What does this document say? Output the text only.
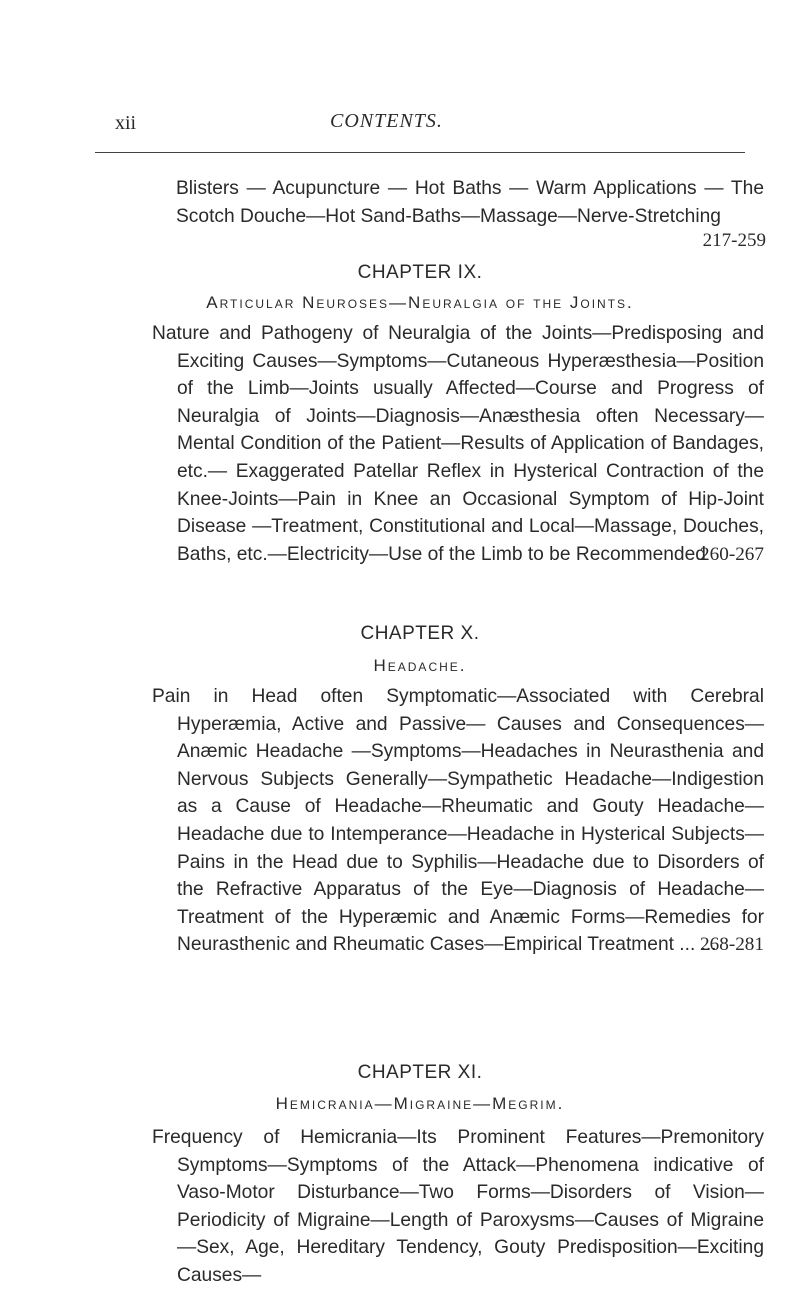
xii	CONTENTS.
Blisters — Acupuncture — Hot Baths — Warm Applications — The Scotch Douche—Hot Sand-Baths—Massage—Nerve-Stretching
217-259
CHAPTER IX.
Articular Neuroses—Neuralgia of the Joints.
Nature and Pathogeny of Neuralgia of the Joints—Predisposing and Exciting Causes—Symptoms—Cutaneous Hyperæsthesia—Position of the Limb—Joints usually Affected—Course and Progress of Neuralgia of Joints—Diagnosis—Anæsthesia often Necessary—Mental Condition of the Patient—Results of Application of Bandages, etc.— Exaggerated Patellar Reflex in Hysterical Contraction of the Knee-Joints—Pain in Knee an Occasional Symptom of Hip-Joint Disease —Treatment, Constitutional and Local—Massage, Douches, Baths, etc.—Electricity—Use of the Limb to be Recommended
260-267
CHAPTER X.
Headache.
Pain in Head often Symptomatic—Associated with Cerebral Hyperæmia, Active and Passive— Causes and Consequences—Anæmic Headache —Symptoms—Headaches in Neurasthenia and Nervous Subjects Generally—Sympathetic Headache—Indigestion as a Cause of Headache—Rheumatic and Gouty Headache—Headache due to Intemperance—Headache in Hysterical Subjects—Pains in the Head due to Syphilis—Headache due to Disorders of the Refractive Apparatus of the Eye—Diagnosis of Headache—Treatment of the Hyperæmic and Anæmic Forms—Remedies for Neurasthenic and Rheumatic Cases—Empirical Treatment ... ...
268-281
CHAPTER XI.
Hemicrania—Migraine—Megrim.
Frequency of Hemicrania—Its Prominent Features—Premonitory Symptoms—Symptoms of the Attack—Phenomena indicative of Vaso-Motor Disturbance—Two Forms—Disorders of Vision—Periodicity of Migraine—Length of Paroxysms—Causes of Migraine—Sex, Age, Hereditary Tendency, Gouty Predisposition—Exciting Causes—
